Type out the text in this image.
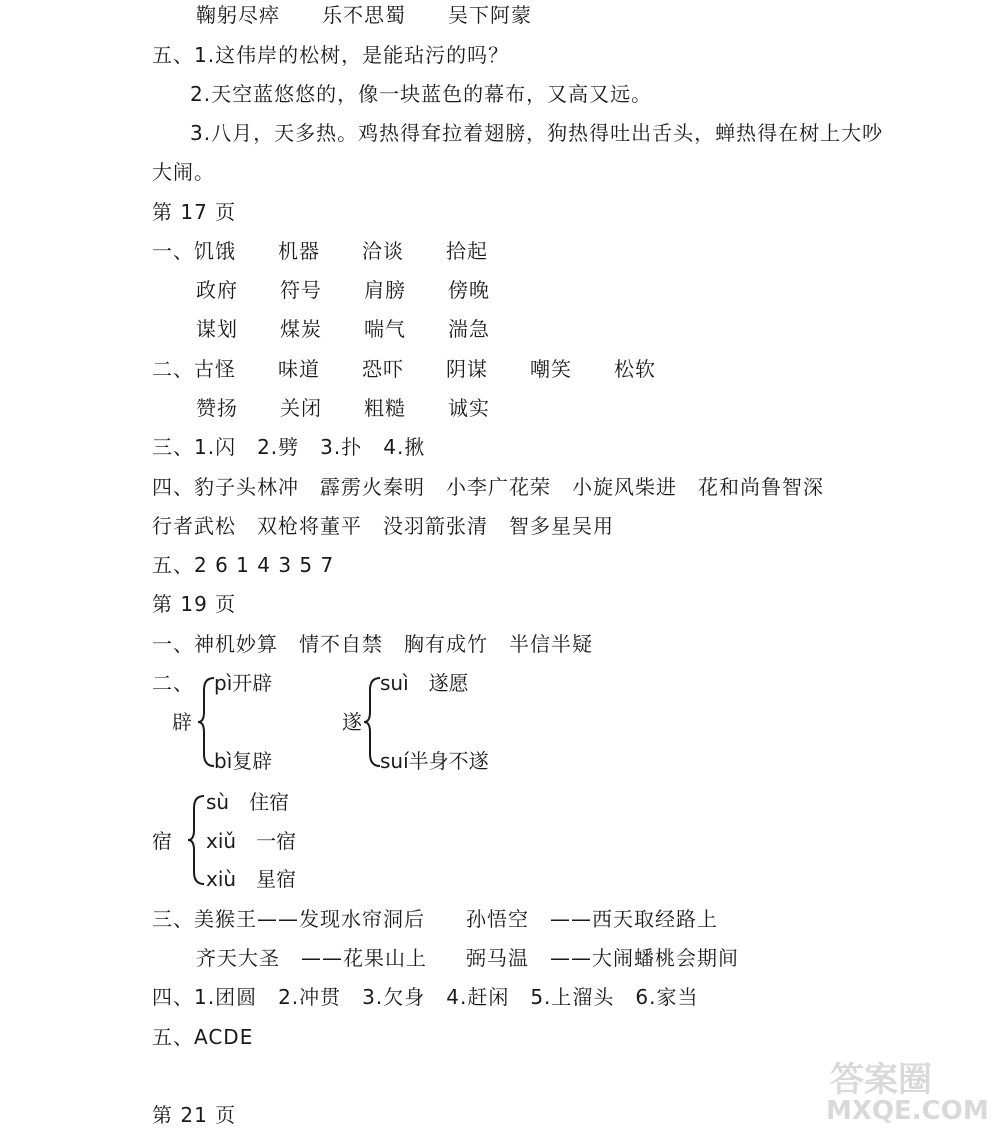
鞠躬尽瘁　　乐不思蜀　　吴下阿蒙
五、1.这伟岸的松树，是能玷污的吗？
2.天空蓝悠悠的，像一块蓝色的幕布，又高又远。
3.八月，天多热。鸡热得耷拉着翅膀，狗热得吐出舌头，蝉热得在树上大吵
大闹。
第 17 页
一、饥饿　　机器　　洽谈　　拾起
政府　　符号　　肩膀　　傍晚
谋划　　煤炭　　喘气　　湍急
二、古怪　　味道　　恐吓　　阴谋　　嘲笑　　松软
赞扬　　关闭　　粗糙　　诚实
三、1.闪　2.劈　3.扑　4.揪
四、豹子头林冲　霹雳火秦明　小李广花荣　小旋风柴进　花和尚鲁智深
行者武松　双枪将董平　没羽箭张清　智多星吴用
五、2 6 1 4 3 5 7
第 19 页
一、神机妙算　情不自禁　胸有成竹　半信半疑
二、 pì开辟
辟
bì复辟
suì　遂愿
遂
suí半身不遂
sù　住宿
宿 xiǔ　一宿
xiù　星宿
三、美猴王——发现水帘洞后 孙悟空　——西天取经路上
齐天大圣　——花果山上 弼马温　——大闹蟠桃会期间
四、1.团圆　2.冲贯　3.欠身　4.赶闲　5.上溜头　6.家当
五、ACDE
第 21 页
答案圈
MXQE.COM
